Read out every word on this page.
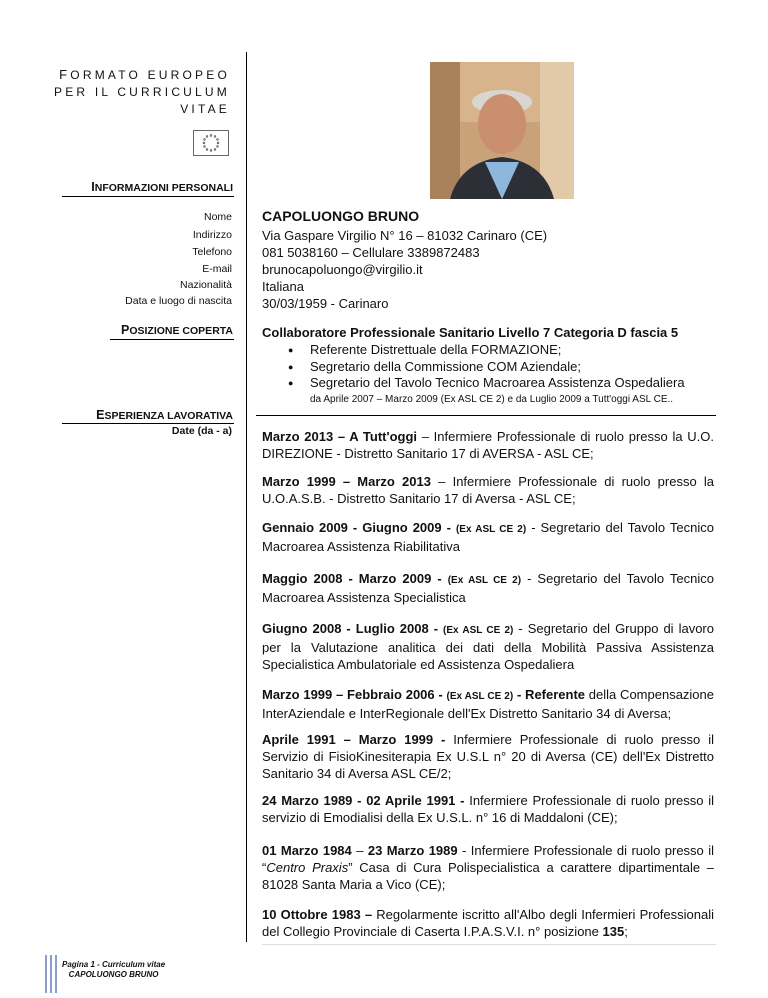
FORMATO EUROPEO
PER IL CURRICULUM
VITAE
INFORMAZIONI PERSONALI
Nome
Indirizzo
Telefono
E-mail
Nazionalità
Data e luogo di nascita
CAPOLUONGO BRUNO
Via Gaspare Virgilio N° 16 – 81032 Carinaro (CE)
081 5038160 – Cellulare 3389872483
brunocapoluongo@virgilio.it
Italiana
30/03/1959 - Carinaro
POSIZIONE COPERTA Collaboratore Professionale Sanitario Livello 7 Categoria D fascia 5
● Referente Distrettuale della FORMAZIONE;
● Segretario della Commissione COM Aziendale;
● Segretario del Tavolo Tecnico Macroarea Assistenza Ospedaliera
da Aprile 2007 – Marzo 2009 (Ex ASL CE 2) e da Luglio 2009 a Tutt'oggi ASL CE..
ESPERIENZA LAVORATIVA
Date (da - a) Marzo 2013 – A Tutt'oggi – Infermiere Professionale di ruolo presso la U.O. DIREZIONE - Distretto Sanitario 17 di AVERSA - ASL CE;
Marzo 1999 – Marzo 2013 – Infermiere Professionale di ruolo presso la U.O.A.S.B. - Distretto Sanitario 17 di Aversa - ASL CE;
Gennaio 2009 - Giugno 2009 - (Ex ASL CE 2) - Segretario del Tavolo Tecnico Macroarea Assistenza Riabilitativa
Maggio 2008 - Marzo 2009 - (Ex ASL CE 2) - Segretario del Tavolo Tecnico Macroarea Assistenza Specialistica
Giugno 2008 - Luglio 2008 - (Ex ASL CE 2) - Segretario del Gruppo di lavoro per la Valutazione analitica dei dati della Mobilità Passiva Assistenza Specialistica Ambulatoriale ed Assistenza Ospedaliera
Marzo 1999 – Febbraio 2006 - (Ex ASL CE 2) - Referente della Compensazione InterAziendale e InterRegionale dell'Ex Distretto Sanitario 34 di Aversa;
Aprile 1991 – Marzo 1999 - Infermiere Professionale di ruolo presso il Servizio di FisioKinesiterapia Ex U.S.L n° 20 di Aversa (CE) dell'Ex Distretto Sanitario 34 di Aversa ASL CE/2;
24 Marzo 1989 - 02 Aprile 1991 - Infermiere Professionale di ruolo presso il servizio di Emodialisi della Ex U.S.L. n° 16 di Maddaloni (CE);
01 Marzo 1984 – 23 Marzo 1989 - Infermiere Professionale di ruolo presso il “Centro Praxis” Casa di Cura Polispecialistica a carattere dipartimentale – 81028 Santa Maria a Vico (CE);
10 Ottobre 1983 – Regolarmente iscritto all'Albo degli Infermieri Professionali del Collegio Provinciale di Caserta I.P.A.S.V.I. n° posizione 135;
Pagina 1 - Curriculum vitae
CAPOLUONGO BRUNO
